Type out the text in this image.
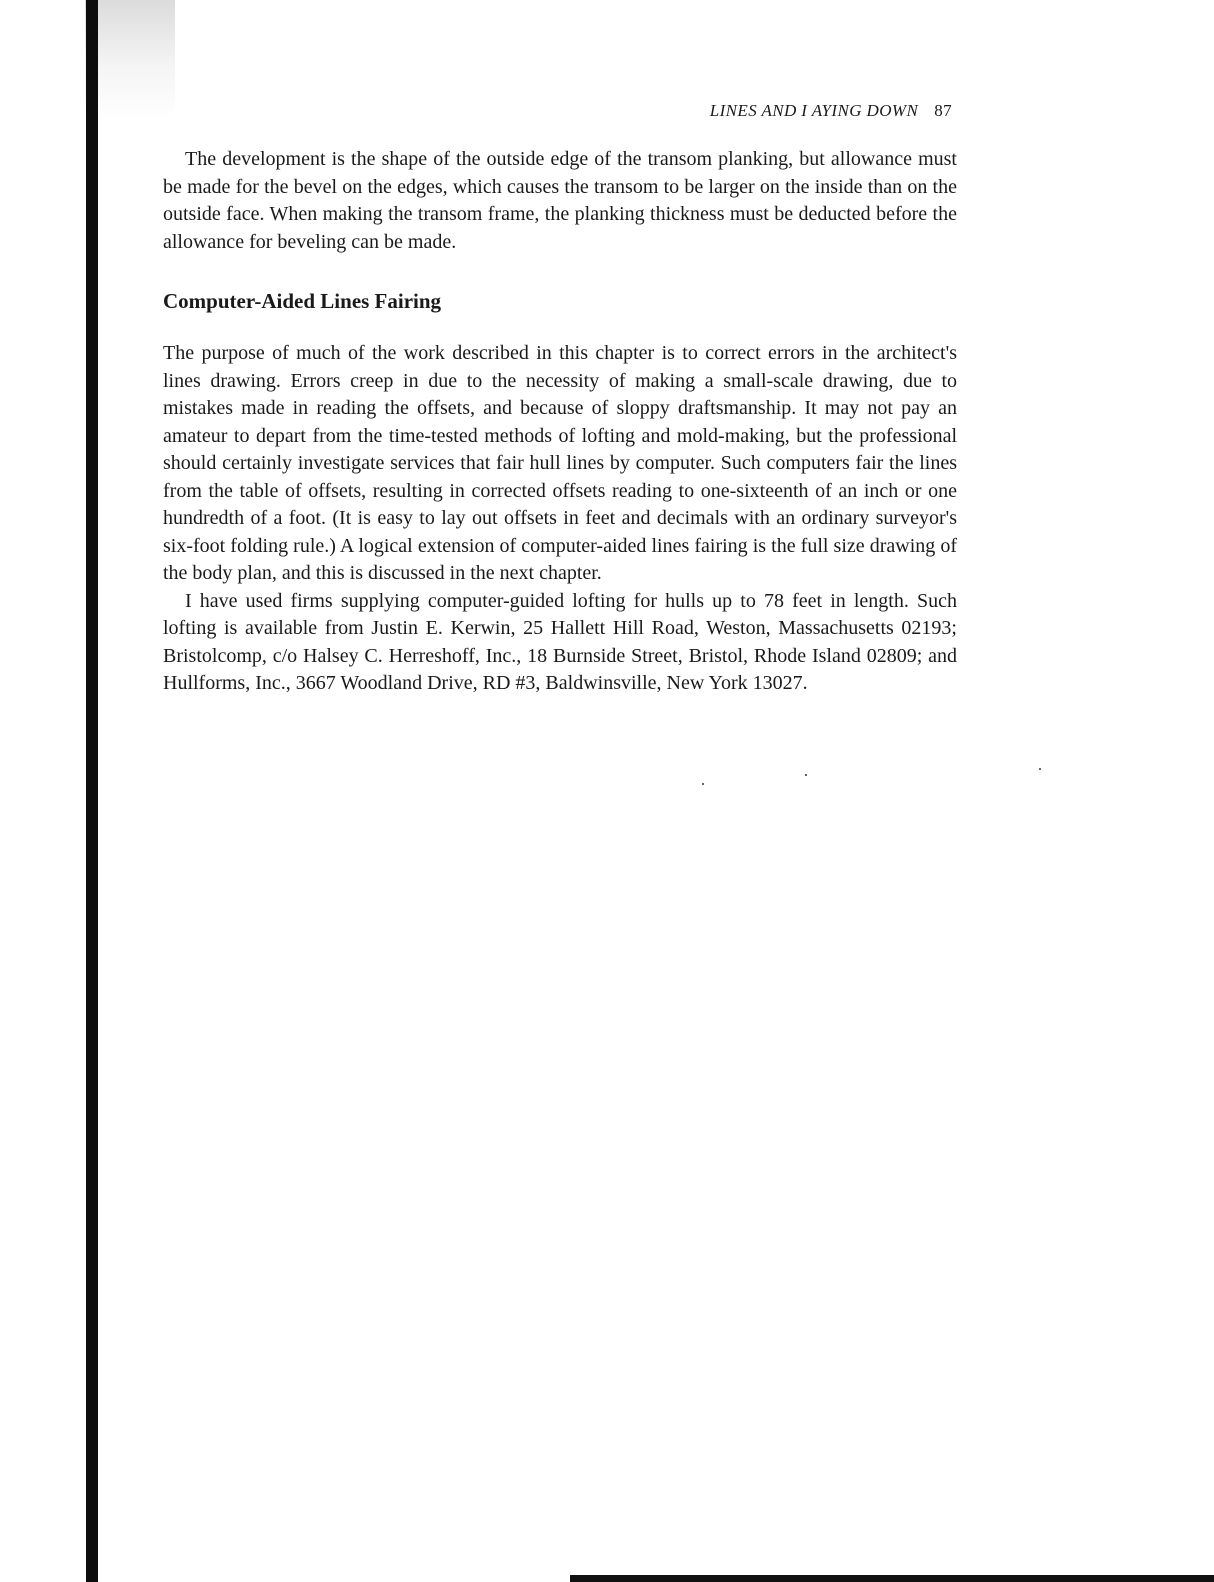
LINES AND I AYING DOWN 87

The development is the shape of the outside edge of the transom planking, but allowance must be made for the bevel on the edges, which causes the transom to be larger on the inside than on the outside face. When making the transom frame, the planking thickness must be deducted before the allowance for beveling can be made.

Computer-Aided Lines Fairing

The purpose of much of the work described in this chapter is to correct errors in the architect's lines drawing. Errors creep in due to the necessity of making a small-scale drawing, due to mistakes made in reading the offsets, and because of sloppy draftsmanship. It may not pay an amateur to depart from the time-tested methods of lofting and mold-making, but the professional should certainly investigate services that fair hull lines by computer. Such computers fair the lines from the table of offsets, resulting in corrected offsets reading to one-sixteenth of an inch or one hundredth of a foot. (It is easy to lay out offsets in feet and decimals with an ordinary surveyor's six-foot folding rule.) A logical extension of computer-aided lines fairing is the full size drawing of the body plan, and this is discussed in the next chapter.

I have used firms supplying computer-guided lofting for hulls up to 78 feet in length. Such lofting is available from Justin E. Kerwin, 25 Hallett Hill Road, Weston, Massachusetts 02193; Bristolcomp, c/o Halsey C. Herreshoff, Inc., 18 Burnside Street, Bristol, Rhode Island 02809; and Hullforms, Inc., 3667 Woodland Drive, RD #3, Baldwinsville, New York 13027.
